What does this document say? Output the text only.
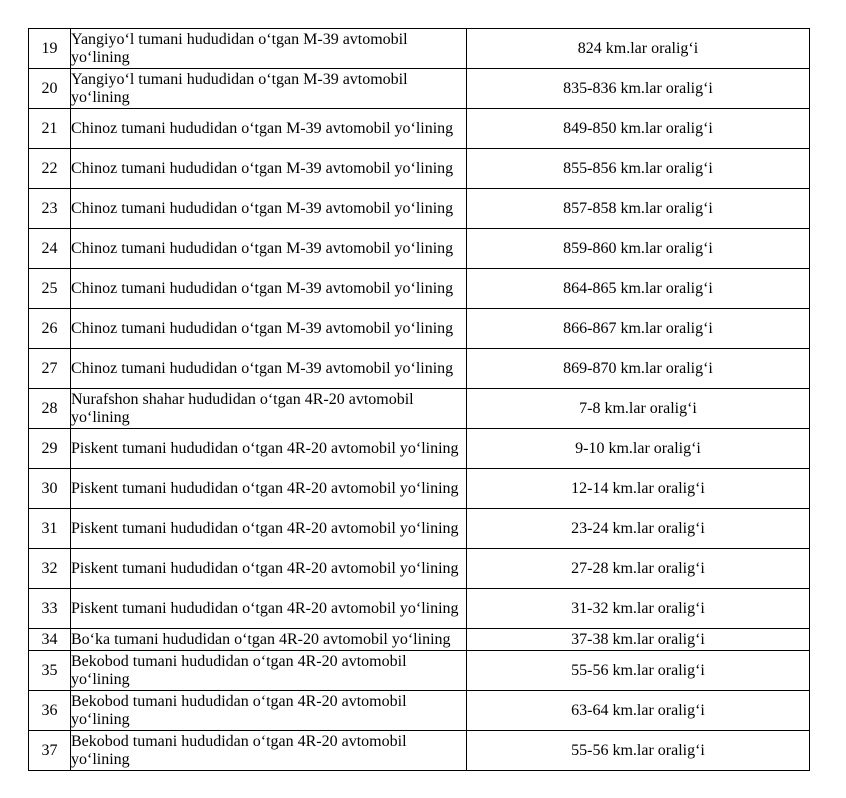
19	Yangiyo‘l tumani hududidan o‘tgan M-39 avtomobil yo‘lining	824 km.lar oralig‘i
20	Yangiyo‘l tumani hududidan o‘tgan M-39 avtomobil yo‘lining	835-836 km.lar oralig‘i
21	Chinoz tumani hududidan o‘tgan M-39 avtomobil yo‘lining	849-850 km.lar oralig‘i
22	Chinoz tumani hududidan o‘tgan M-39 avtomobil yo‘lining	855-856 km.lar oralig‘i
23	Chinoz tumani hududidan o‘tgan M-39 avtomobil yo‘lining	857-858 km.lar oralig‘i
24	Chinoz tumani hududidan o‘tgan M-39 avtomobil yo‘lining	859-860 km.lar oralig‘i
25	Chinoz tumani hududidan o‘tgan M-39 avtomobil yo‘lining	864-865 km.lar oralig‘i
26	Chinoz tumani hududidan o‘tgan M-39 avtomobil yo‘lining	866-867 km.lar oralig‘i
27	Chinoz tumani hududidan o‘tgan M-39 avtomobil yo‘lining	869-870 km.lar oralig‘i
28	Nurafshon shahar hududidan o‘tgan 4R-20 avtomobil yo‘lining	7-8 km.lar oralig‘i
29	Piskent tumani hududidan o‘tgan 4R-20 avtomobil yo‘lining	9-10 km.lar oralig‘i
30	Piskent tumani hududidan o‘tgan 4R-20 avtomobil yo‘lining	12-14 km.lar oralig‘i
31	Piskent tumani hududidan o‘tgan 4R-20 avtomobil yo‘lining	23-24 km.lar oralig‘i
32	Piskent tumani hududidan o‘tgan 4R-20 avtomobil yo‘lining	27-28 km.lar oralig‘i
33	Piskent tumani hududidan o‘tgan 4R-20 avtomobil yo‘lining	31-32 km.lar oralig‘i
34	Bo‘ka tumani hududidan o‘tgan 4R-20 avtomobil yo‘lining	37-38 km.lar oralig‘i
35	Bekobod tumani hududidan o‘tgan 4R-20 avtomobil yo‘lining	55-56 km.lar oralig‘i
36	Bekobod tumani hududidan o‘tgan 4R-20 avtomobil yo‘lining	63-64 km.lar oralig‘i
37	Bekobod tumani hududidan o‘tgan 4R-20 avtomobil yo‘lining	55-56 km.lar oralig‘i
